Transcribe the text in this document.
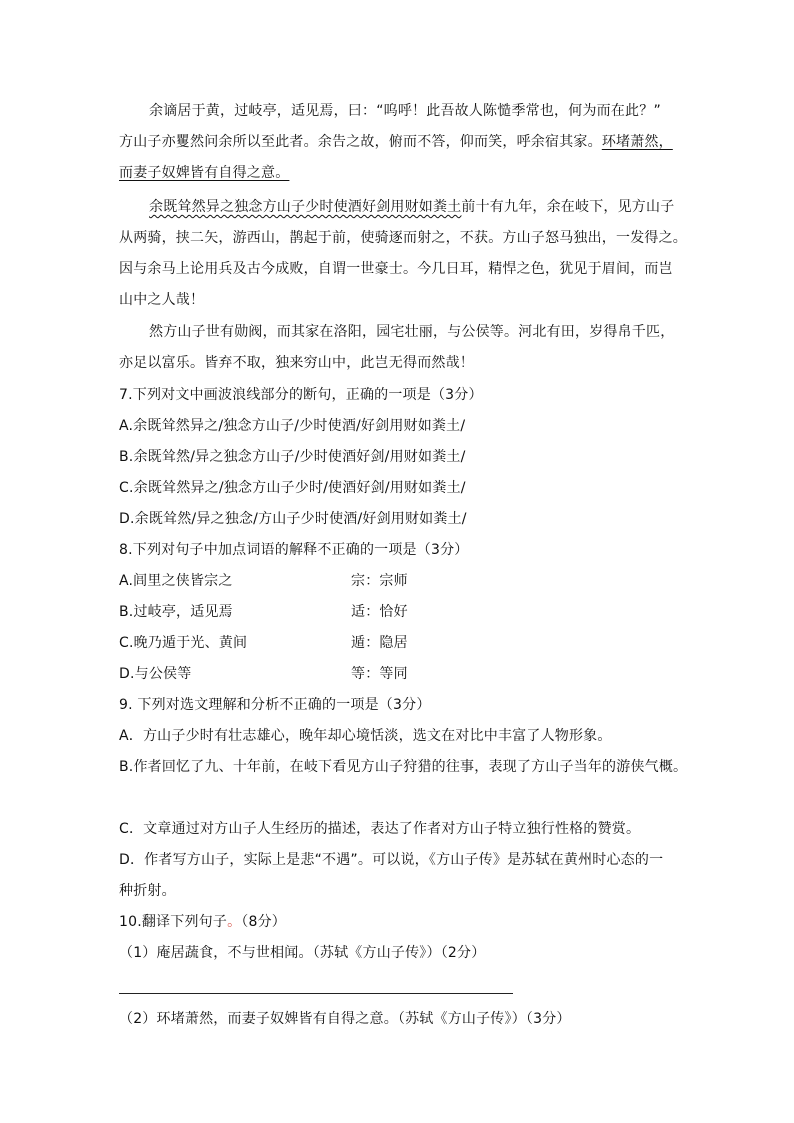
余谪居于黄，过岐亭，适见焉，曰：“呜呼！此吾故人陈慥季常也，何为而在此？”
方山子亦矍然问余所以至此者。余告之故，俯而不答，仰而笑，呼余宿其家。环堵萧然，
而妻子奴婢皆有自得之意。
余既耸然异之独念方山子少时使酒好剑用财如粪土前十有九年，余在岐下，见方山子
从两骑，挟二矢，游西山，鹊起于前，使骑逐而射之，不获。方山子怒马独出，一发得之。
因与余马上论用兵及古今成败，自谓一世豪士。今几日耳，精悍之色，犹见于眉间，而岂
山中之人哉！
然方山子世有勋阀，而其家在洛阳，园宅壮丽，与公侯等。河北有田，岁得帛千匹，
亦足以富乐。皆弃不取，独来穷山中，此岂无得而然哉！
7.下列对文中画波浪线部分的断句，正确的一项是（3分）
A.余既耸然异之/独念方山子/少时使酒/好剑用财如粪土/
B.余既耸然/异之独念方山子/少时使酒好剑/用财如粪土/
C.余既耸然异之/独念方山子少时/使酒好剑/用财如粪土/
D.余既耸然/异之独念/方山子少时使酒/好剑用财如粪土/
8.下列对句子中加点词语的解释不正确的一项是（3分）
A.闾里之侠皆宗之	宗：宗师
B.过岐亭，适见焉	适：恰好
C.晚乃遁于光、黄间	遁：隐居
D.与公侯等	等：等同
9. 下列对选文理解和分析不正确的一项是（3分）
A．方山子少时有壮志雄心，晚年却心境恬淡，选文在对比中丰富了人物形象。
B.作者回忆了九、十年前，在岐下看见方山子狩猎的往事，表现了方山子当年的游侠气概。
C．文章通过对方山子人生经历的描述，表达了作者对方山子特立独行性格的赞赏。
D．作者写方山子，实际上是悲“不遇”。可以说，《方山子传》是苏轼在黄州时心态的一
种折射。
10.翻译下列句子。（8分）
（1）庵居蔬食，不与世相闻。（苏轼《方山子传》）（2分）
（2）环堵萧然，而妻子奴婢皆有自得之意。（苏轼《方山子传》）（3分）
